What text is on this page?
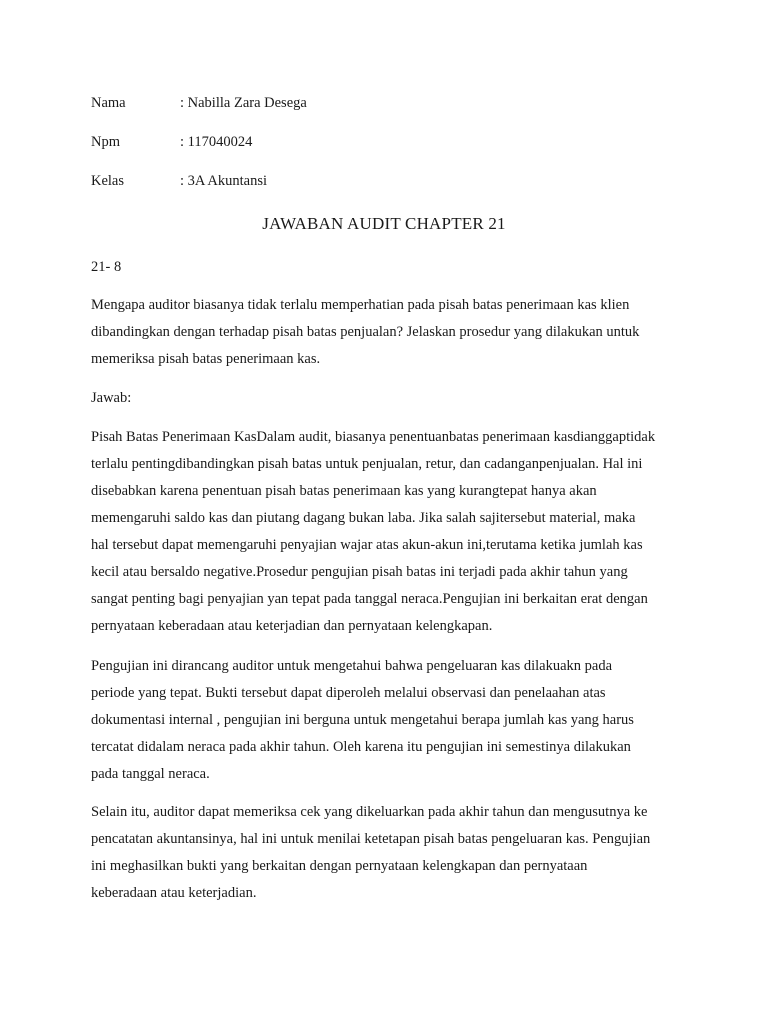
Nama	: Nabilla Zara Desega
Npm	: 117040024
Kelas	: 3A Akuntansi
JAWABAN AUDIT CHAPTER 21
21- 8
Mengapa auditor biasanya tidak terlalu memperhatian pada pisah batas penerimaan kas klien
dibandingkan dengan terhadap pisah batas penjualan? Jelaskan prosedur yang dilakukan untuk
memeriksa pisah batas penerimaan kas.
Jawab:
Pisah Batas Penerimaan KasDalam audit, biasanya penentuanbatas penerimaan kasdianggaptidak
terlalu pentingdibandingkan pisah batas untuk penjualan, retur, dan cadanganpenjualan. Hal ini
disebabkan karena penentuan pisah batas penerimaan kas yang kurangtepat hanya akan
memengaruhi saldo kas dan piutang dagang bukan laba. Jika salah sajitersebut material, maka
hal tersebut dapat memengaruhi penyajian wajar atas akun-akun ini,terutama ketika jumlah kas
kecil atau bersaldo negative.Prosedur pengujian pisah batas ini terjadi pada akhir tahun yang
sangat penting bagi penyajian yan tepat pada tanggal neraca.Pengujian ini berkaitan erat dengan
pernyataan keberadaan atau keterjadian dan pernyataan kelengkapan.
Pengujian ini dirancang auditor untuk mengetahui bahwa pengeluaran kas dilakuakn pada
periode yang tepat. Bukti tersebut dapat diperoleh melalui observasi dan penelaahan atas
dokumentasi internal , pengujian ini berguna untuk mengetahui berapa jumlah kas yang harus
tercatat didalam neraca pada akhir tahun. Oleh karena itu pengujian ini semestinya dilakukan
pada tanggal neraca.
Selain itu, auditor dapat memeriksa cek yang dikeluarkan pada akhir tahun dan mengusutnya ke
pencatatan akuntansinya, hal ini untuk menilai ketetapan pisah batas pengeluaran kas. Pengujian
ini meghasilkan bukti yang berkaitan dengan pernyataan kelengkapan dan pernyataan
keberadaan atau keterjadian.
